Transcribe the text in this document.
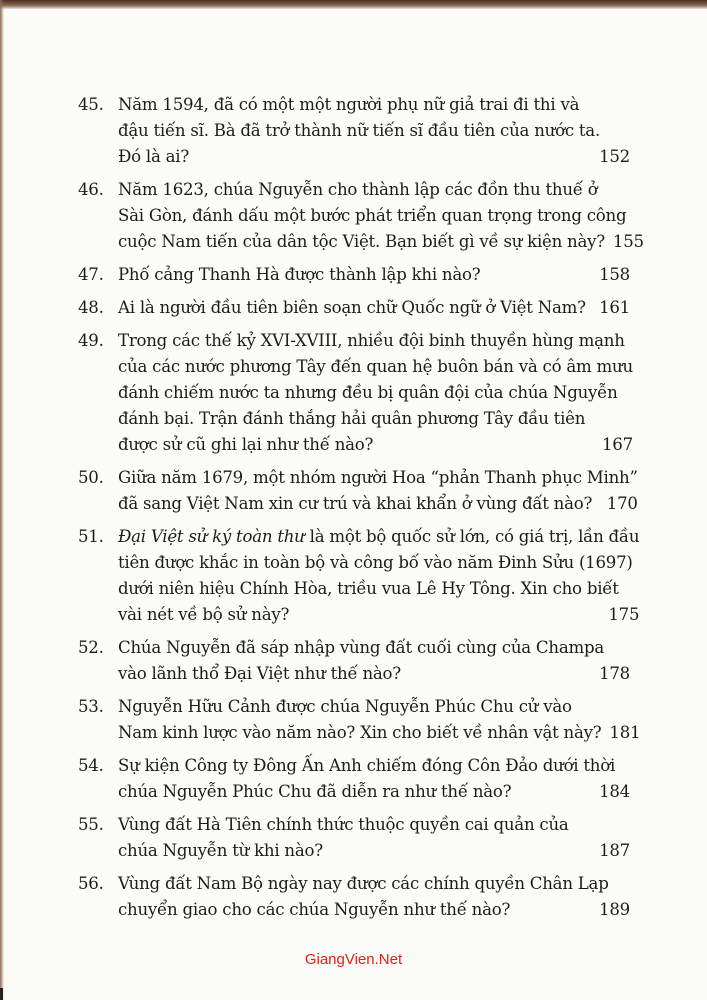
45. Năm 1594, đã có một một người phụ nữ giả trai đi thi và
đậu tiến sĩ. Bà đã trở thành nữ tiến sĩ đầu tiên của nước ta.
Đó là ai?	152
46. Năm 1623, chúa Nguyễn cho thành lập các đồn thu thuế ở
Sài Gòn, đánh dấu một bước phát triển quan trọng trong công
cuộc Nam tiến của dân tộc Việt. Bạn biết gì về sự kiện này? 155
47. Phố cảng Thanh Hà được thành lập khi nào?	158
48. Ai là người đầu tiên biên soạn chữ Quốc ngữ ở Việt Nam? 161
49. Trong các thế kỷ XVI-XVIII, nhiều đội binh thuyền hùng mạnh
của các nước phương Tây đến quan hệ buôn bán và có âm mưu
đánh chiếm nước ta nhưng đều bị quân đội của chúa Nguyễn
đánh bại. Trận đánh thắng hải quân phương Tây đầu tiên
được sử cũ ghi lại như thế nào?	167
50. Giữa năm 1679, một nhóm người Hoa “phản Thanh phục Minh”
đã sang Việt Nam xin cư trú và khai khẩn ở vùng đất nào? 170
51. Đại Việt sử ký toàn thư là một bộ quốc sử lớn, có giá trị, lần đầu
tiên được khắc in toàn bộ và công bố vào năm Đinh Sửu (1697)
dưới niên hiệu Chính Hòa, triều vua Lê Hy Tông. Xin cho biết
vài nét về bộ sử này?	175
52. Chúa Nguyễn đã sáp nhập vùng đất cuối cùng của Champa
vào lãnh thổ Đại Việt như thế nào?	178
53. Nguyễn Hữu Cảnh được chúa Nguyễn Phúc Chu cử vào
Nam kinh lược vào năm nào? Xin cho biết về nhân vật này? 181
54. Sự kiện Công ty Đông Ấn Anh chiếm đóng Côn Đảo dưới thời
chúa Nguyễn Phúc Chu đã diễn ra như thế nào?	184
55. Vùng đất Hà Tiên chính thức thuộc quyền cai quản của
chúa Nguyễn từ khi nào?	187
56. Vùng đất Nam Bộ ngày nay được các chính quyền Chân Lạp
chuyển giao cho các chúa Nguyễn như thế nào?	189
GiangVien.Net
